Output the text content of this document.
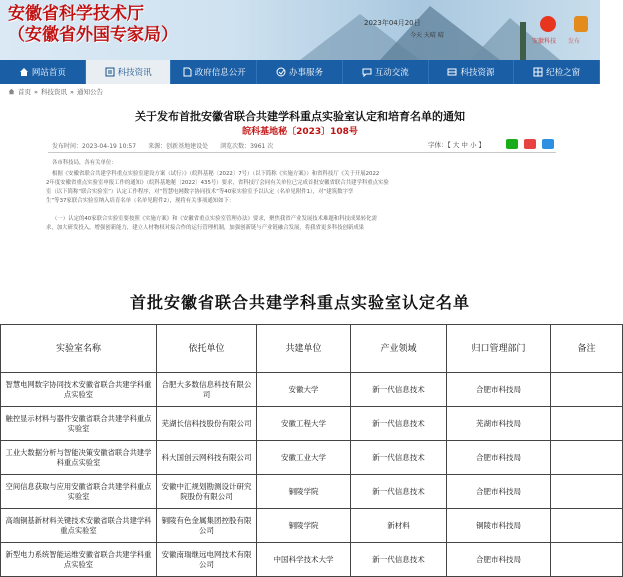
安徽省科学技术厅
（安徽省外国专家局）
2023年04月20日
今天 天晴 晴
安徽科技 发布
网站首页	科技资讯	政府信息公开	办事服务	互动交流	科技资源	纪检之窗
首页 » 科技资讯 » 通知公告
关于发布首批安徽省联合共建学科重点实验室认定和培育名单的通知
皖科基地秘〔2023〕108号
发布时间：2023-04-19 10:57 来源：创新基地建设处 浏览次数：3961 次	字体：【 大 中 小 】
各市科技局，各有关单位：
根据《安徽省联合共建学科重点实验室建设方案（试行）》（皖科基秘〔2022〕7号）（以下简称《实施方案》）和省科技厅《关于开展2022
2年度安徽省重点实验室申报工作的通知》（皖科基地秘〔2022〕435号）要求，省科技厅会同有关单位已完成首批安徽省联合共建学科重点实验
室（以下简称“联合实验室”）认定工作程序，对“智慧电网数字协同技术”等40家实验室予以认定（名单见附件1），对“建筑数字孪
生”等37家联合实验室纳入培育名单（名单见附件2），现将有关事项通知如下：
（一）认定的40家联合实验室要按照《实施方案》和《安徽省重点实验室管理办法》要求，聚焦我省产业发展技术难题和科技成果转化需
求，加大研发投入，增强创新能力，建立人材物权对接合作的运行管理机制，加强创新链与产业链融合发展，将我省更多科技创新成果
首批安徽省联合共建学科重点实验室认定名单
实验室名称	依托单位	共建单位	产业领域	归口管理部门	备注
智慧电网数字协同技术安徽省联合共建学科重点实验室	合肥大多数信息科技有限公司	安徽大学	新一代信息技术	合肥市科技局	
触控显示材料与器件安徽省联合共建学科重点实验室	芜湖长信科技股份有限公司	安徽工程大学	新一代信息技术	芜湖市科技局	
工业大数据分析与智能决策安徽省联合共建学科重点实验室	科大国创云网科技有限公司	安徽工业大学	新一代信息技术	合肥市科技局	
空间信息获取与应用安徽省联合共建学科重点实验室	安徽中汇规划勘测设计研究院股份有限公司	铜陵学院	新一代信息技术	合肥市科技局	
高端铜基新材料关键技术安徽省联合共建学科重点实验室	铜陵有色金属集团控股有限公司	铜陵学院	新材料	铜陵市科技局	
新型电力系统智能运维安徽省联合共建学科重点实验室	安徽南瑞继远电网技术有限公司	中国科学技术大学	新一代信息技术	合肥市科技局	
